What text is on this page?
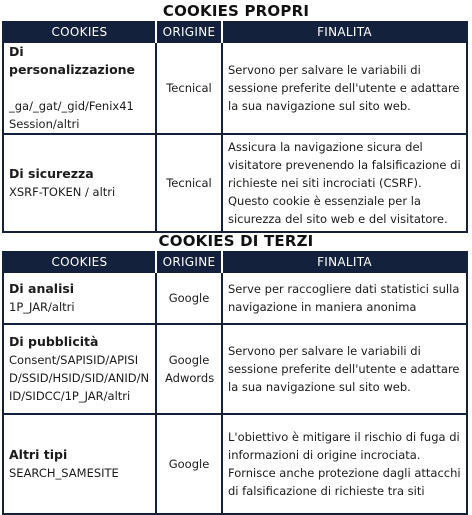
COOKIES PROPRI
COOKIES	ORIGINE	FINALITA

Di personalizzazione
_ga/_gat/_gid/Fenix41 Session/altri	Tecnical	Servono per salvare le variabili di sessione preferite dell'utente e adattare la sua navigazione sul sito web.

Di sicurezza
XSRF-TOKEN / altri	Tecnical	Assicura la navigazione sicura del visitatore prevenendo la falsificazione di richieste nei siti incrociati (CSRF). Questo cookie è essenziale per la sicurezza del sito web e del visitatore.
COOKIES DI TERZI
COOKIES	ORIGINE	FINALITA

Di analisi
1P_JAR/altri	Google	Serve per raccogliere dati statistici sulla navigazione in maniera anonima

Di pubblicità
Consent/SAPISID/APISID/SSID/HSID/SID/ANID/NID/SIDCC/1P_JAR/altri	Google Adwords	Servono per salvare le variabili di sessione preferite dell'utente e adattare la sua navigazione sul sito web.

Altri tipi
SEARCH_SAMESITE	Google	L'obiettivo è mitigare il rischio di fuga di informazioni di origine incrociata. Fornisce anche protezione dagli attacchi di falsificazione di richieste tra siti
